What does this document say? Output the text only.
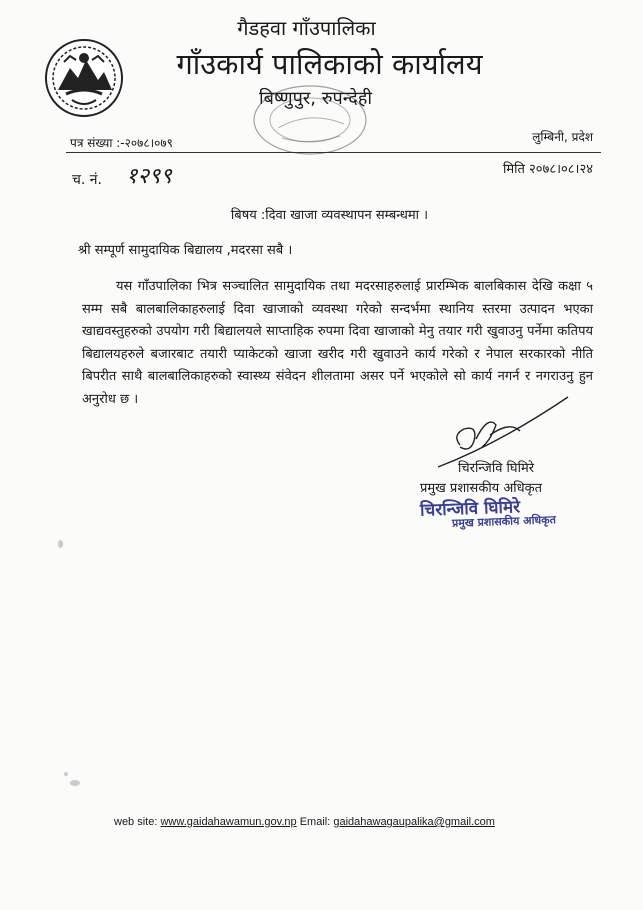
गैडहवा गाँउपालिका
गाँउकार्य पालिकाको कार्यालय
बिष्णुपुर, रुपन्देही
पत्र संख्या :-२०७८।०७९	लुम्बिनी, प्रदेश
च. नं. १२९९	मिति २०७८।०८।२४
बिषय :दिवा खाजा व्यवस्थापन सम्बन्धमा ।
श्री सम्पूर्ण सामुदायिक बिद्यालय ,मदरसा सबै ।
यस गाँउपालिका भित्र सञ्चालित सामुदायिक तथा मदरसाहरुलाई प्रारम्भिक बालबिकास देखि कक्षा ५ सम्म सबै बालबालिकाहरुलाई दिवा खाजाको व्यवस्था गरेको सन्दर्भमा स्थानिय स्तरमा उत्पादन भएका खाद्यवस्तुहरुको उपयोग गरी बिद्यालयले साप्ताहिक रुपमा दिवा खाजाको मेनु तयार गरी खुवाउनु पर्नेमा कतिपय बिद्यालयहरुले बजारबाट तयारी प्याकेटको खाजा खरीद गरी खुवाउने कार्य गरेको र नेपाल सरकारको नीति बिपरीत साथै बालबालिकाहरुको स्वास्थ्य संवेदन शीलतामा असर पर्ने भएकोले सो कार्य नगर्न र नगराउनु हुन अनुरोध छ ।
चिरन्जिवि घिमिरे
प्रमुख प्रशासकीय अधिकृत
चिरन्जिवि घिमिरे
प्रमुख प्रशासकीय अधिकृत
web site: www.gaidahawamun.gov.np Email: gaidahawagaupalika@gmail.com
